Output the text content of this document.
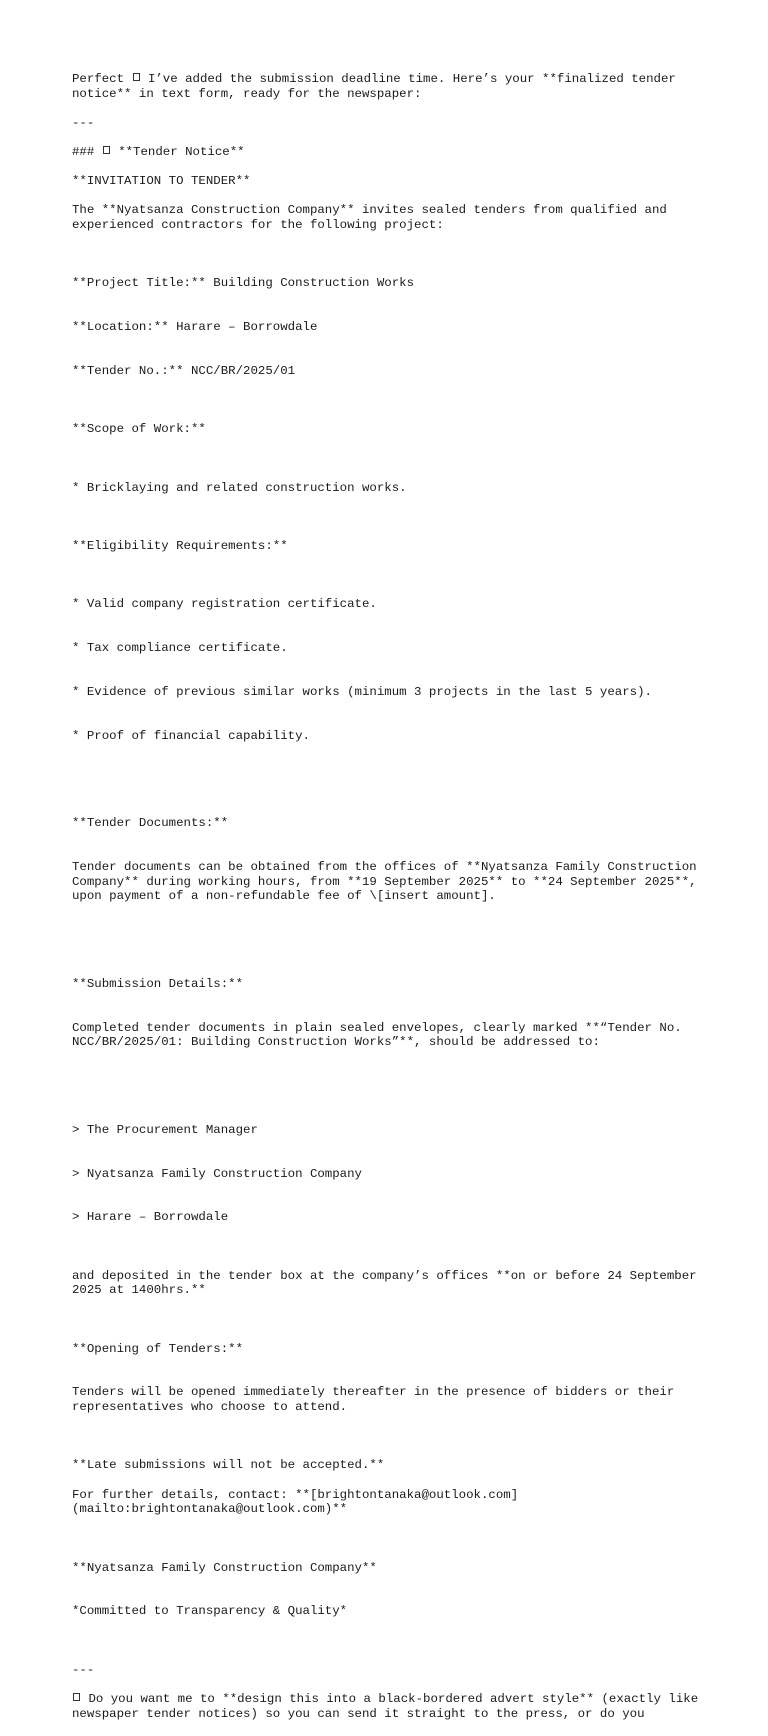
Perfect I’ve added the submission deadline time. Here’s your **finalized tender notice** in text form, ready for the newspaper:
---
### **Tender Notice**
**INVITATION TO TENDER**
The **Nyatsanza Construction Company** invites sealed tenders from qualified and experienced contractors for the following project:

**Project Title:** Building Construction Works

**Location:** Harare – Borrowdale

**Tender No.:** NCC/BR/2025/01

**Scope of Work:**

* Bricklaying and related construction works.

**Eligibility Requirements:**

* Valid company registration certificate.

* Tax compliance certificate.

* Evidence of previous similar works (minimum 3 projects in the last 5 years).

* Proof of financial capability.

**Tender Documents:**

Tender documents can be obtained from the offices of **Nyatsanza Family Construction Company** during working hours, from **19 September 2025** to **24 September 2025**, upon payment of a non-refundable fee of \[insert amount].

**Submission Details:**

Completed tender documents in plain sealed envelopes, clearly marked **“Tender No. NCC/BR/2025/01: Building Construction Works”**, should be addressed to:

> The Procurement Manager

> Nyatsanza Family Construction Company

> Harare – Borrowdale

and deposited in the tender box at the company’s offices **on or before 24 September 2025 at 1400hrs.**

**Opening of Tenders:**

Tenders will be opened immediately thereafter in the presence of bidders or their representatives who choose to attend.

**Late submissions will not be accepted.**
For further details, contact: **[brightontanaka@outlook.com](mailto:brightontanaka@outlook.com)**

**Nyatsanza Family Construction Company**

*Committed to Transparency & Quality*

---
Do you want me to **design this into a black-bordered advert style** (exactly like newspaper tender notices) so you can send it straight to the press, or do you
